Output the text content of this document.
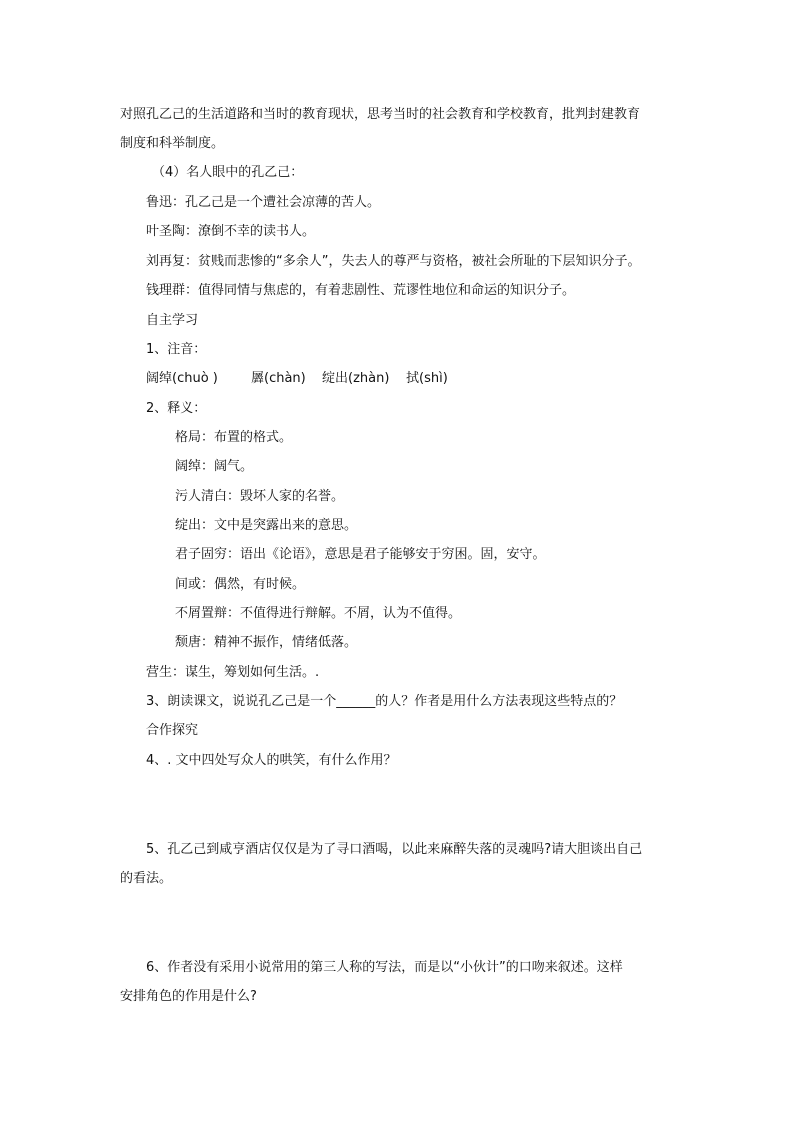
对照孔乙己的生活道路和当时的教育现状，思考当时的社会教育和学校教育，批判封建教育
制度和科举制度。
（4）名人眼中的孔乙己：
鲁迅：孔乙己是一个遭社会凉薄的苦人。
叶圣陶：潦倒不幸的读书人。
刘再复：贫贱而悲惨的“多余人”，失去人的尊严与资格，被社会所耻的下层知识分子。
钱理群：值得同情与焦虑的，有着悲剧性、荒谬性地位和命运的知识分子。
自主学习
1、注音：
阔绰(chuò )	羼(chàn) 绽出(zhàn) 拭(shì)
2、释义：
格局：布置的格式。
阔绰：阔气。
污人清白：毁坏人家的名誉。
绽出：文中是突露出来的意思。
君子固穷：语出《论语》，意思是君子能够安于穷困。固，安守。
间或：偶然，有时候。
不屑置辩：不值得进行辩解。不屑，认为不值得。
颓唐：精神不振作，情绪低落。
营生：谋生，筹划如何生活。.
3、朗读课文，说说孔乙己是一个______的人？作者是用什么方法表现这些特点的？
合作探究
4、. 文中四处写众人的哄笑，有什么作用？
5、孔乙己到咸亨酒店仅仅是为了寻口酒喝，以此来麻醉失落的灵魂吗?请大胆谈出自己
的看法。
6、作者没有采用小说常用的第三人称的写法，而是以“小伙计”的口吻来叙述。这样
安排角色的作用是什么?
